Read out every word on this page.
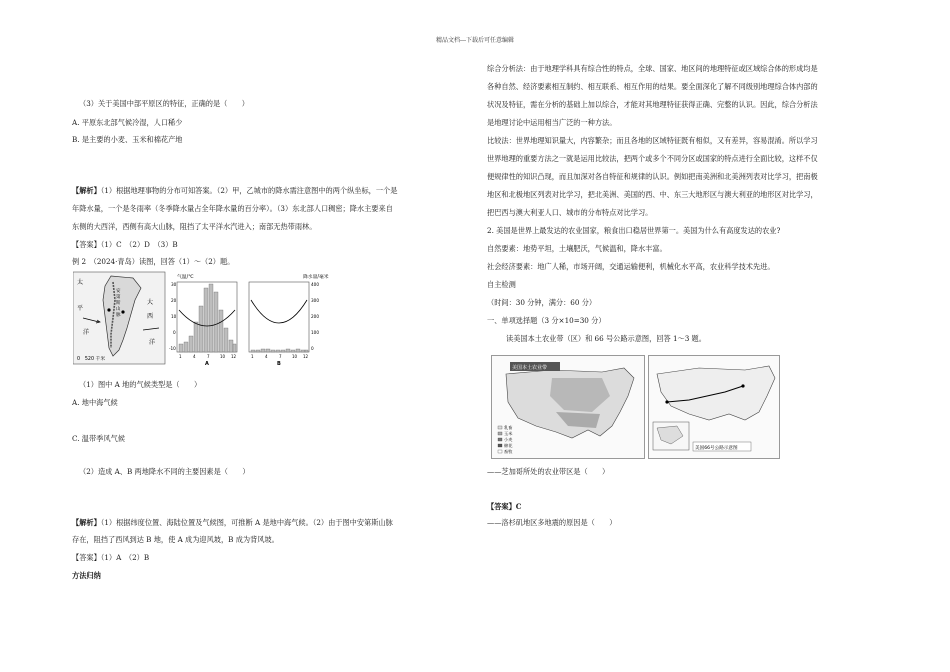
精品文档---下载后可任意编辑
（3）关于美国中部平原区的特征，正确的是（　　）
A. 平原东北部气候冷湿，人口稀少
B. 是主要的小麦、玉米和棉花产地
【解析】（1）根据地理事物的分布可知答案。（2）甲，乙城市的降水需注意图中的两个纵坐标，一个是
年降水量，一个是冬雨率（冬季降水量占全年降水量的百分率）。（3）东北部人口稠密；降水主要来自
东侧的大西洋，西侧有高大山脉，阻挡了太平洋水汽进入；南部无热带雨林。
【答案】（1）C　（2）D　（3）B
例 2　（2024·青岛）读图，回答（1）～（2）题。
太
平
洋
安
第
斯
山
脉
大
西
洋
0　520 千米
气温/℃
30
20
10
0
-10
1	4	7	10 12
A
降水量/毫米
400
300
200
100
0
1	4	7	10 12
B
（1）图中 A 地的气候类型是（　　）
A. 地中海气候
C. 温带季风气候
（2）造成 A、B 两地降水不同的主要因素是（　　）
【解析】（1）根据纬度位置、海陆位置及气候图，可推断 A 是地中海气候。（2）由于图中安第斯山脉
存在，阻挡了西风到达 B 地，使 A 成为迎风坡，B 成为背风坡。
【答案】（1）A　（2）B
方法归纳
综合分析法：由于地理学科具有综合性的特点，全球、国家、地区间的地理特征或区域综合体的形成均是
各种自然、经济要素相互制约、相互联系、相互作用的结果。要全面深化了解不同级别地理综合体内部的
状况及特征，需在分析的基础上加以综合，才能对其地理特征获得正确、完整的认识。因此，综合分析法
是地理讨论中运用相当广泛的一种方法。
比较法：世界地理知识量大，内容繁杂；而且各地的区域特征既有相似，又有差异，容易混淆。所以学习
世界地理的重要方法之一就是运用比较法，把两个或多个不同分区或国家的特点进行全面比较，这样不仅
便规律性的知识凸现，而且加深对各自特征和规律的认识。例如把南美洲和北美洲列表对比学习，把南极
地区和北极地区列表对比学习，把北美洲、美国的西、中、东三大地形区与澳大利亚的地形区对比学习，
把巴西与澳大利亚人口、城市的分布特点对比学习。
2. 美国是世界上最发达的农业国家，粮食出口稳居世界第一。美国为什么有高度发达的农业?
自然要素：地势平坦，土壤肥沃，气候温和，降水丰富。
社会经济要素：地广人稀，市场开阔，交通运输便利，机械化水平高，农业科学技术先进。
自主检测
（时间：30 分钟，满分：60 分）
一、单项选择题（3 分×10=30 分）
读美国本土农业带（区）和 66 号公路示意图，回答 1～3 题。
美国本土农业带
乳畜
玉米
小麦
棉花
畜牧
美国66号公路示意图
——芝加哥所处的农业带区是（　　）
【答案】C
——洛杉矶地区多地震的原因是（　　）
